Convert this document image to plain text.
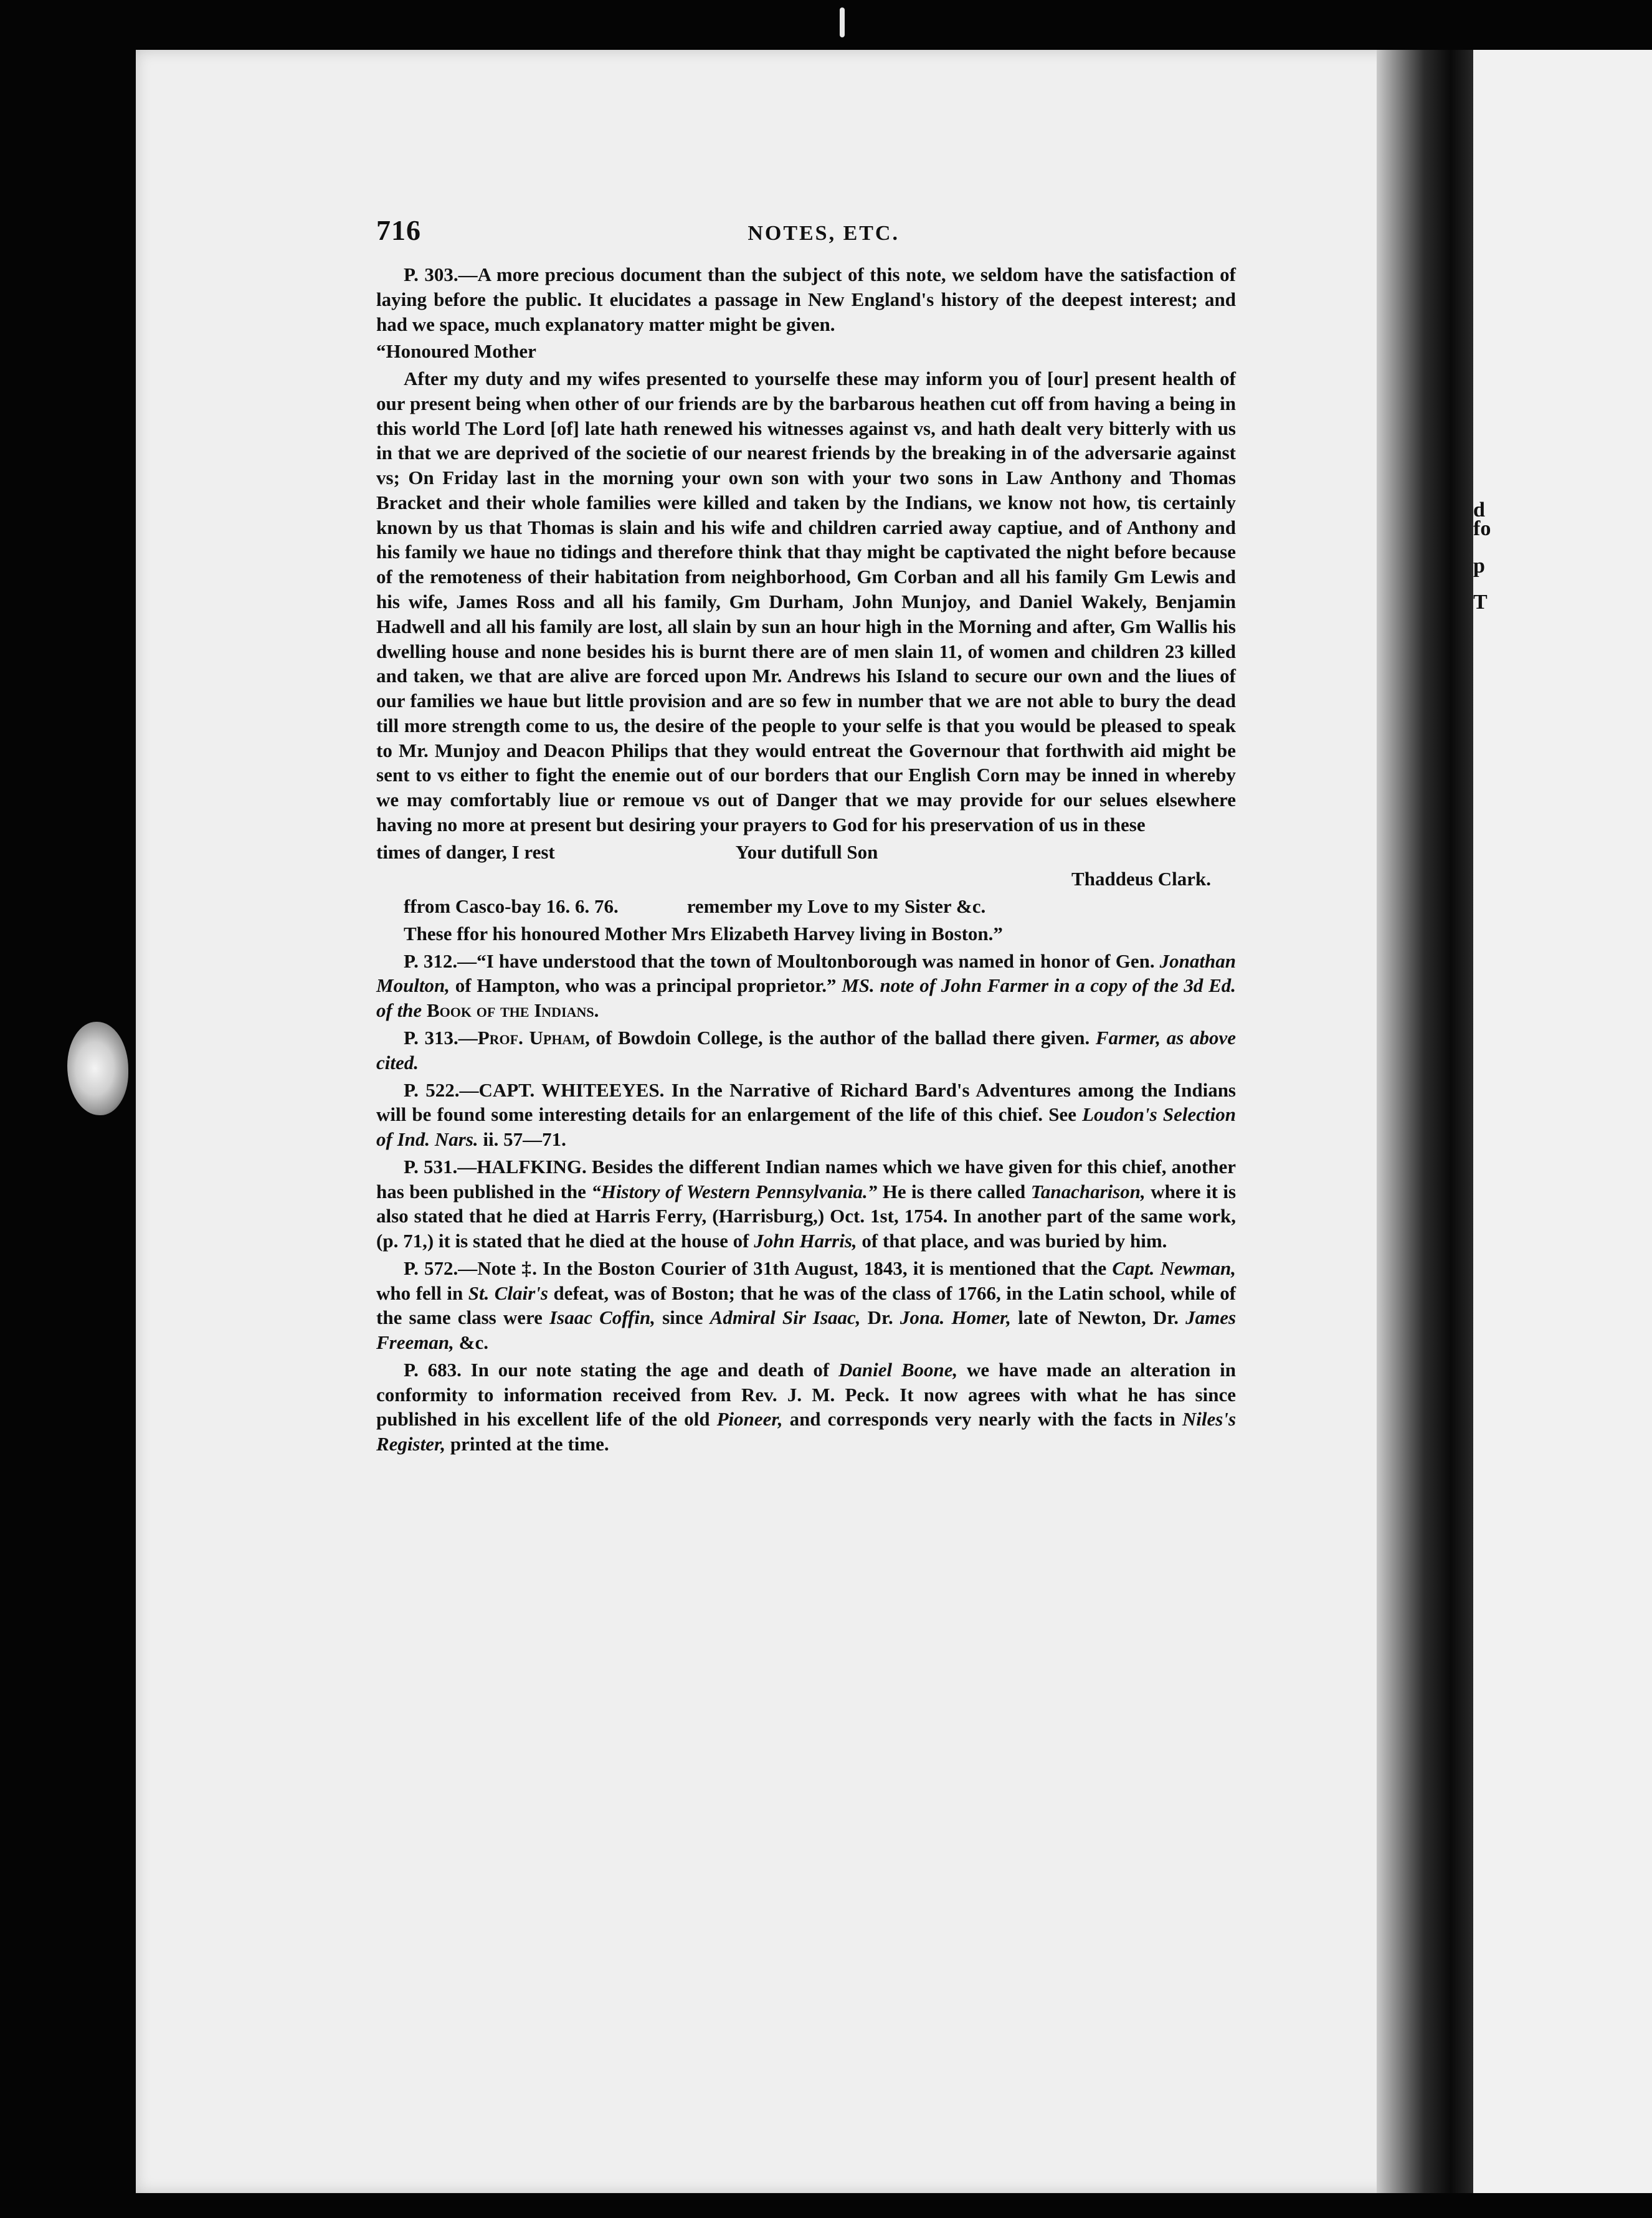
d
fo
p
T
716	NOTES, ETC.

P. 303.—A more precious document than the subject of this note, we seldom have the satisfaction of laying before the public. It elucidates a passage in New England's history of the deepest interest; and had we space, much explanatory matter might be given.

“Honoured Mother

After my duty and my wifes presented to yourselfe these may inform you of [our] present health of our present being when other of our friends are by the barbarous heathen cut off from having a being in this world The Lord [of] late hath renewed his witnesses against vs, and hath dealt very bitterly with us in that we are deprived of the societie of our nearest friends by the breaking in of the adversarie against vs; On Friday last in the morning your own son with your two sons in Law Anthony and Thomas Bracket and their whole families were killed and taken by the Indians, we know not how, tis certainly known by us that Thomas is slain and his wife and children carried away captiue, and of Anthony and his family we haue no tidings and therefore think that thay might be captivated the night before because of the remoteness of their habitation from neighborhood, Gm Corban and all his family Gm Lewis and his wife, James Ross and all his family, Gm Durham, John Munjoy, and Daniel Wakely, Benjamin Hadwell and all his family are lost, all slain by sun an hour high in the Morning and after, Gm Wallis his dwelling house and none besides his is burnt there are of men slain 11, of women and children 23 killed and taken, we that are alive are forced upon Mr. Andrews his Island to secure our own and the liues of our families we haue but little provision and are so few in number that we are not able to bury the dead till more strength come to us, the desire of the people to your selfe is that you would be pleased to speak to Mr. Munjoy and Deacon Philips that they would entreat the Governour that forthwith aid might be sent to vs either to fight the enemie out of our borders that our English Corn may be inned in whereby we may comfortably liue or remoue vs out of Danger that we may provide for our selues elsewhere having no more at present but desiring your prayers to God for his preservation of us in these

times of danger, I rest	Your dutifull Son

Thaddeus Clark.

ffrom Casco-bay 16. 6. 76.	remember my Love to my Sister &c.

These ffor his honoured Mother Mrs Elizabeth Harvey living in Boston.”

P. 312.—“I have understood that the town of Moultonborough was named in honor of Gen. Jonathan Moulton, of Hampton, who was a principal proprietor.” MS. note of John Farmer in a copy of the 3d Ed. of the Book of the Indians.

P. 313.—Prof. Upham, of Bowdoin College, is the author of the ballad there given. Farmer, as above cited.

P. 522.—CAPT. WHITEEYES. In the Narrative of Richard Bard's Adventures among the Indians will be found some interesting details for an enlargement of the life of this chief. See Loudon's Selection of Ind. Nars. ii. 57—71.

P. 531.—HALFKING. Besides the different Indian names which we have given for this chief, another has been published in the “History of Western Pennsylvania.” He is there called Tanacharison, where it is also stated that he died at Harris Ferry, (Harrisburg,) Oct. 1st, 1754. In another part of the same work, (p. 71,) it is stated that he died at the house of John Harris, of that place, and was buried by him.

P. 572.—Note ‡. In the Boston Courier of 31th August, 1843, it is mentioned that the Capt. Newman, who fell in St. Clair's defeat, was of Boston; that he was of the class of 1766, in the Latin school, while of the same class were Isaac Coffin, since Admiral Sir Isaac, Dr. Jona. Homer, late of Newton, Dr. James Freeman, &c.

P. 683. In our note stating the age and death of Daniel Boone, we have made an alteration in conformity to information received from Rev. J. M. Peck. It now agrees with what he has since published in his excellent life of the old Pioneer, and corresponds very nearly with the facts in Niles's Register, printed at the time.
